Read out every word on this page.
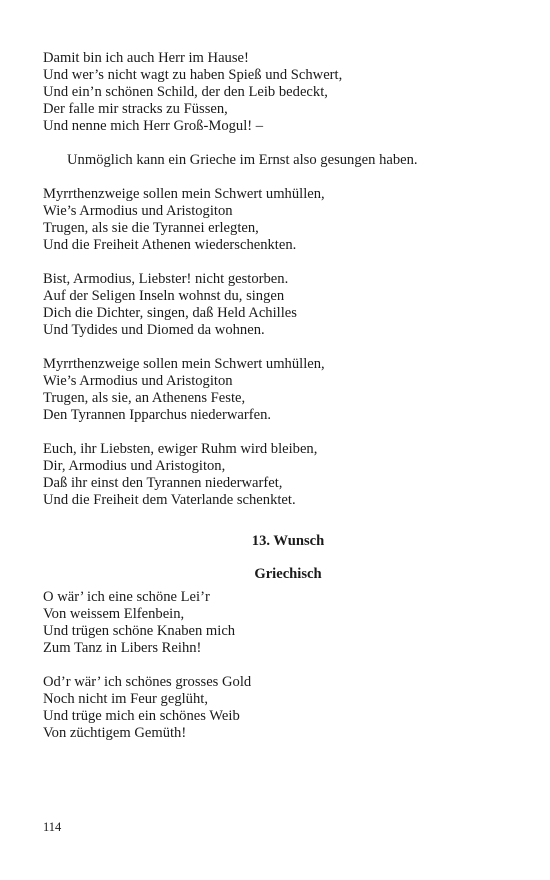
Damit bin ich auch Herr im Hause!
Und wer’s nicht wagt zu haben Spieß und Schwert,
Und ein’n schönen Schild, der den Leib bedeckt,
Der falle mir stracks zu Füssen,
Und nenne mich Herr Groß-Mogul! –
Unmöglich kann ein Grieche im Ernst also gesungen haben.
Myrrthenzweige sollen mein Schwert umhüllen,
Wie’s Armodius und Aristogiton
Trugen, als sie die Tyrannei erlegten,
Und die Freiheit Athenen wiederschenkten.
Bist, Armodius, Liebster! nicht gestorben.
Auf der Seligen Inseln wohnst du, singen
Dich die Dichter, singen, daß Held Achilles
Und Tydides und Diomed da wohnen.
Myrrthenzweige sollen mein Schwert umhüllen,
Wie’s Armodius und Aristogiton
Trugen, als sie, an Athenens Feste,
Den Tyrannen Ipparchus niederwarfen.
Euch, ihr Liebsten, ewiger Ruhm wird bleiben,
Dir, Armodius und Aristogiton,
Daß ihr einst den Tyrannen niederwarfet,
Und die Freiheit dem Vaterlande schenktet.
13. Wunsch
Griechisch
O wär’ ich eine schöne Lei’r
Von weissem Elfenbein,
Und trügen schöne Knaben mich
Zum Tanz in Libers Reihn!
Od’r wär’ ich schönes grosses Gold
Noch nicht im Feur geglüht,
Und trüge mich ein schönes Weib
Von züchtigem Gemüth!
114
